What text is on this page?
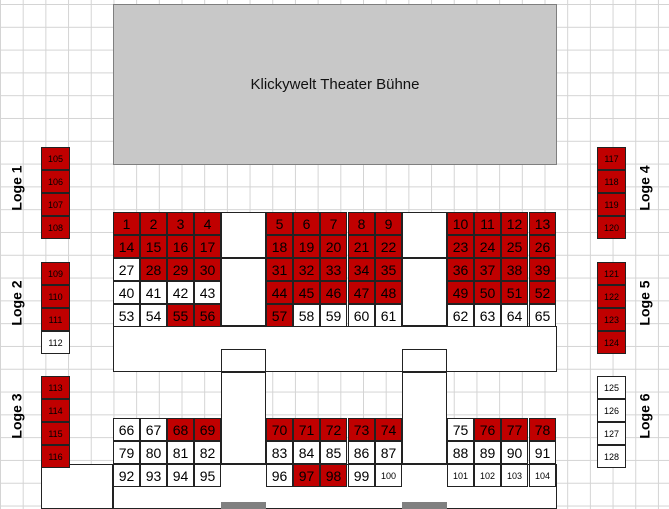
Klickywelt Theater Bühne
1 2 3 4	5 6 7 8 9	10 11 12 13
14 15 16 17	18 19 20 21 22	23 24 25 26
27 28 29 30	31 32 33 34 35	36 37 38 39
40 41 42 43	44 45 46 47 48	49 50 51 52
53 54 55 56	57 58 59 60 61	62 63 64 65
66 67 68 69	70 71 72 73 74	75 76 77 78
79 80 81 82	83 84 85 86 87	88 89 90 91
92 93 94 95	96 97 98 99 100	101 102 103 104
105
106
107
108
109
110
111
112
113
114
115
116
117
118
119
120
121
122
123
124
125
126
127
128
Loge 1
Loge 2
Loge 3
Loge 4
Loge 5
Loge 6
